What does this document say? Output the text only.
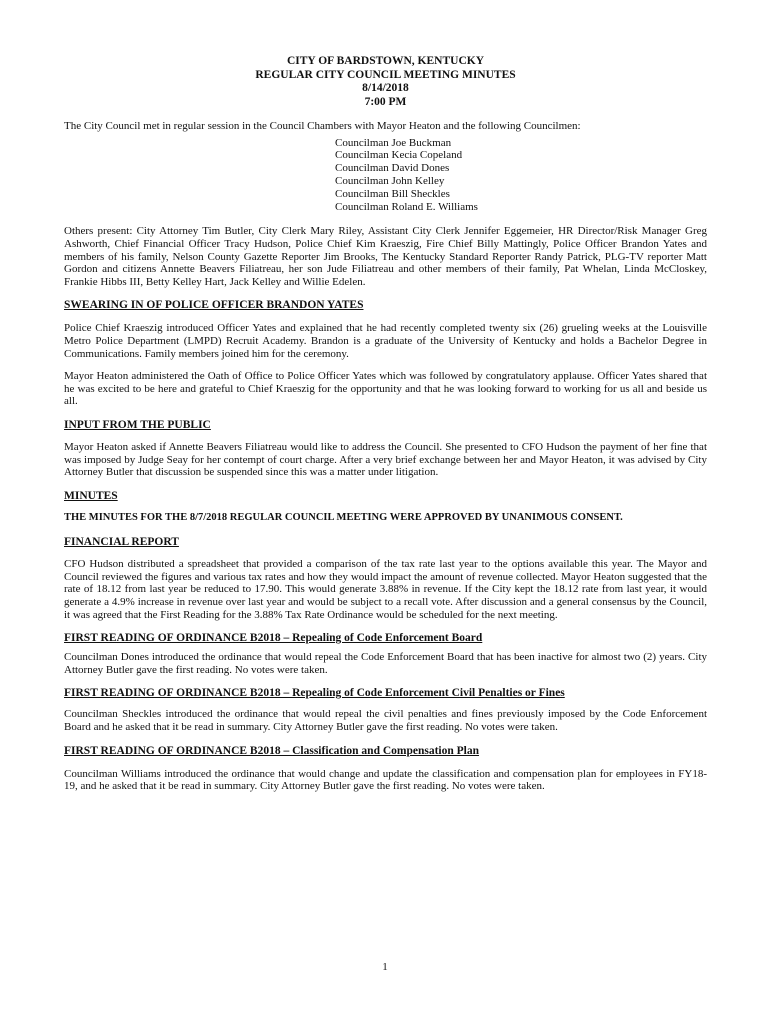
CITY OF BARDSTOWN, KENTUCKY
REGULAR CITY COUNCIL MEETING MINUTES
8/14/2018
7:00 PM

The City Council met in regular session in the Council Chambers with Mayor Heaton and the following Councilmen:

Councilman Joe Buckman
Councilman Kecia Copeland
Councilman David Dones
Councilman John Kelley
Councilman Bill Sheckles
Councilman Roland E. Williams

Others present: City Attorney Tim Butler, City Clerk Mary Riley, Assistant City Clerk Jennifer Eggemeier, HR Director/Risk Manager Greg Ashworth, Chief Financial Officer Tracy Hudson, Police Chief Kim Kraeszig, Fire Chief Billy Mattingly, Police Officer Brandon Yates and members of his family, Nelson County Gazette Reporter Jim Brooks, The Kentucky Standard Reporter Randy Patrick, PLG-TV reporter Matt Gordon and citizens Annette Beavers Filiatreau, her son Jude Filiatreau and other members of their family, Pat Whelan, Linda McCloskey, Frankie Hibbs III, Betty Kelley Hart, Jack Kelley and Willie Edelen.

SWEARING IN OF POLICE OFFICER BRANDON YATES

Police Chief Kraeszig introduced Officer Yates and explained that he had recently completed twenty six (26) grueling weeks at the Louisville Metro Police Department (LMPD) Recruit Academy. Brandon is a graduate of the University of Kentucky and holds a Bachelor Degree in Communications. Family members joined him for the ceremony.

Mayor Heaton administered the Oath of Office to Police Officer Yates which was followed by congratulatory applause. Officer Yates shared that he was excited to be here and grateful to Chief Kraeszig for the opportunity and that he was looking forward to working for us all and beside us all.

INPUT FROM THE PUBLIC

Mayor Heaton asked if Annette Beavers Filiatreau would like to address the Council. She presented to CFO Hudson the payment of her fine that was imposed by Judge Seay for her contempt of court charge. After a very brief exchange between her and Mayor Heaton, it was advised by City Attorney Butler that discussion be suspended since this was a matter under litigation.

MINUTES

THE MINUTES FOR THE 8/7/2018 REGULAR COUNCIL MEETING WERE APPROVED BY UNANIMOUS CONSENT.

FINANCIAL REPORT

CFO Hudson distributed a spreadsheet that provided a comparison of the tax rate last year to the options available this year. The Mayor and Council reviewed the figures and various tax rates and how they would impact the amount of revenue collected. Mayor Heaton suggested that the rate of 18.12 from last year be reduced to 17.90. This would generate 3.88% in revenue. If the City kept the 18.12 rate from last year, it would generate a 4.9% increase in revenue over last year and would be subject to a recall vote. After discussion and a general consensus by the Council, it was agreed that the First Reading for the 3.88% Tax Rate Ordinance would be scheduled for the next meeting.

FIRST READING OF ORDINANCE B2018 – Repealing of Code Enforcement Board

Councilman Dones introduced the ordinance that would repeal the Code Enforcement Board that has been inactive for almost two (2) years. City Attorney Butler gave the first reading. No votes were taken.

FIRST READING OF ORDINANCE B2018 – Repealing of Code Enforcement Civil Penalties or Fines

Councilman Sheckles introduced the ordinance that would repeal the civil penalties and fines previously imposed by the Code Enforcement Board and he asked that it be read in summary. City Attorney Butler gave the first reading. No votes were taken.

FIRST READING OF ORDINANCE B2018 – Classification and Compensation Plan

Councilman Williams introduced the ordinance that would change and update the classification and compensation plan for employees in FY18-19, and he asked that it be read in summary. City Attorney Butler gave the first reading. No votes were taken.

1
